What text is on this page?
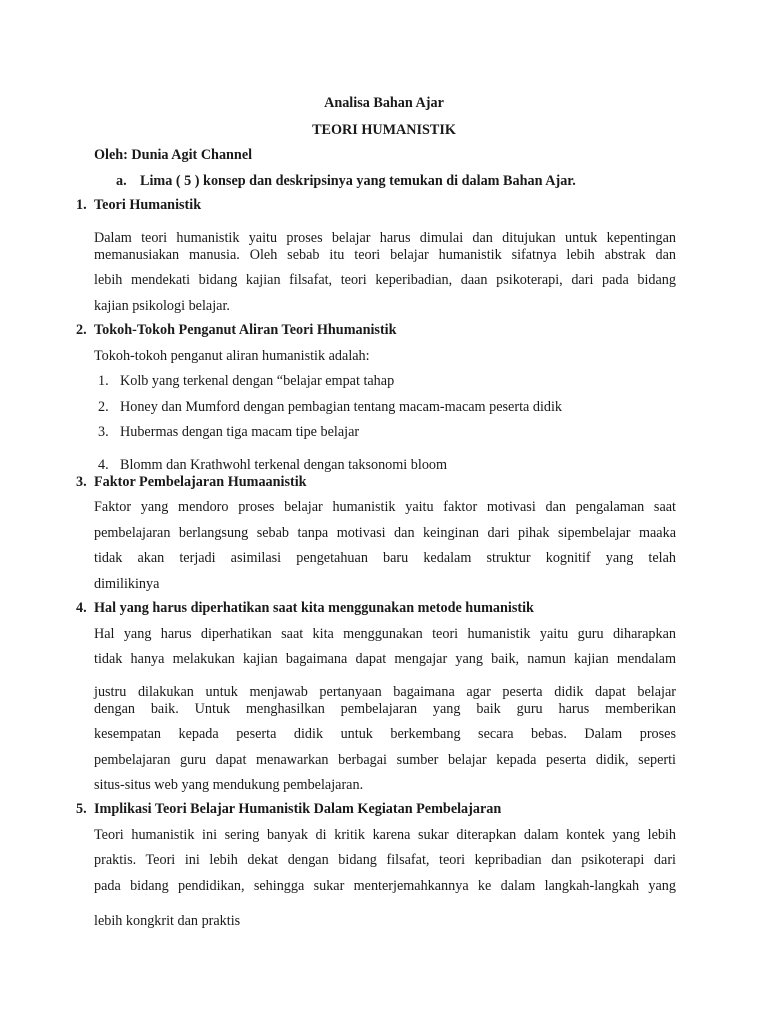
Analisa Bahan Ajar
TEORI HUMANISTIK
Oleh: Dunia Agit Channel
a. Lima ( 5 ) konsep dan deskripsinya yang temukan di dalam Bahan Ajar.
1. Teori Humanistik
Dalam teori humanistik yaitu proses belajar harus dimulai dan ditujukan untuk kepentingan
memanusiakan manusia. Oleh sebab itu teori belajar humanistik sifatnya lebih abstrak dan
lebih mendekati bidang kajian filsafat, teori keperibadian, daan psikoterapi, dari pada bidang
kajian psikologi belajar.
2. Tokoh-Tokoh Penganut Aliran Teori Hhumanistik
Tokoh-tokoh penganut aliran humanistik adalah:
1. Kolb yang terkenal dengan “belajar empat tahap
2. Honey dan Mumford dengan pembagian tentang macam-macam peserta didik
3. Hubermas dengan tiga macam tipe belajar
4. Blomm dan Krathwohl terkenal dengan taksonomi bloom
3. Faktor Pembelajaran Humaanistik
Faktor yang mendoro proses belajar humanistik yaitu faktor motivasi dan pengalaman saat
pembelajaran berlangsung sebab tanpa motivasi dan keinginan dari pihak sipembelajar maaka
tidak akan terjadi asimilasi pengetahuan baru kedalam struktur kognitif yang telah
dimilikinya
4. Hal yang harus diperhatikan saat kita menggunakan metode humanistik
Hal yang harus diperhatikan saat kita menggunakan teori humanistik yaitu guru diharapkan
tidak hanya melakukan kajian bagaimana dapat mengajar yang baik, namun kajian mendalam
justru dilakukan untuk menjawab pertanyaan bagaimana agar peserta didik dapat belajar
dengan baik. Untuk menghasilkan pembelajaran yang baik guru harus memberikan
kesempatan kepada peserta didik untuk berkembang secara bebas. Dalam proses
pembelajaran guru dapat menawarkan berbagai sumber belajar kepada peserta didik, seperti
situs-situs web yang mendukung pembelajaran.
5. Implikasi Teori Belajar Humanistik Dalam Kegiatan Pembelajaran
Teori humanistik ini sering banyak di kritik karena sukar diterapkan dalam kontek yang lebih
praktis. Teori ini lebih dekat dengan bidang filsafat, teori kepribadian dan psikoterapi dari
pada bidang pendidikan, sehingga sukar menterjemahkannya ke dalam langkah-langkah yang
lebih kongkrit dan praktis
